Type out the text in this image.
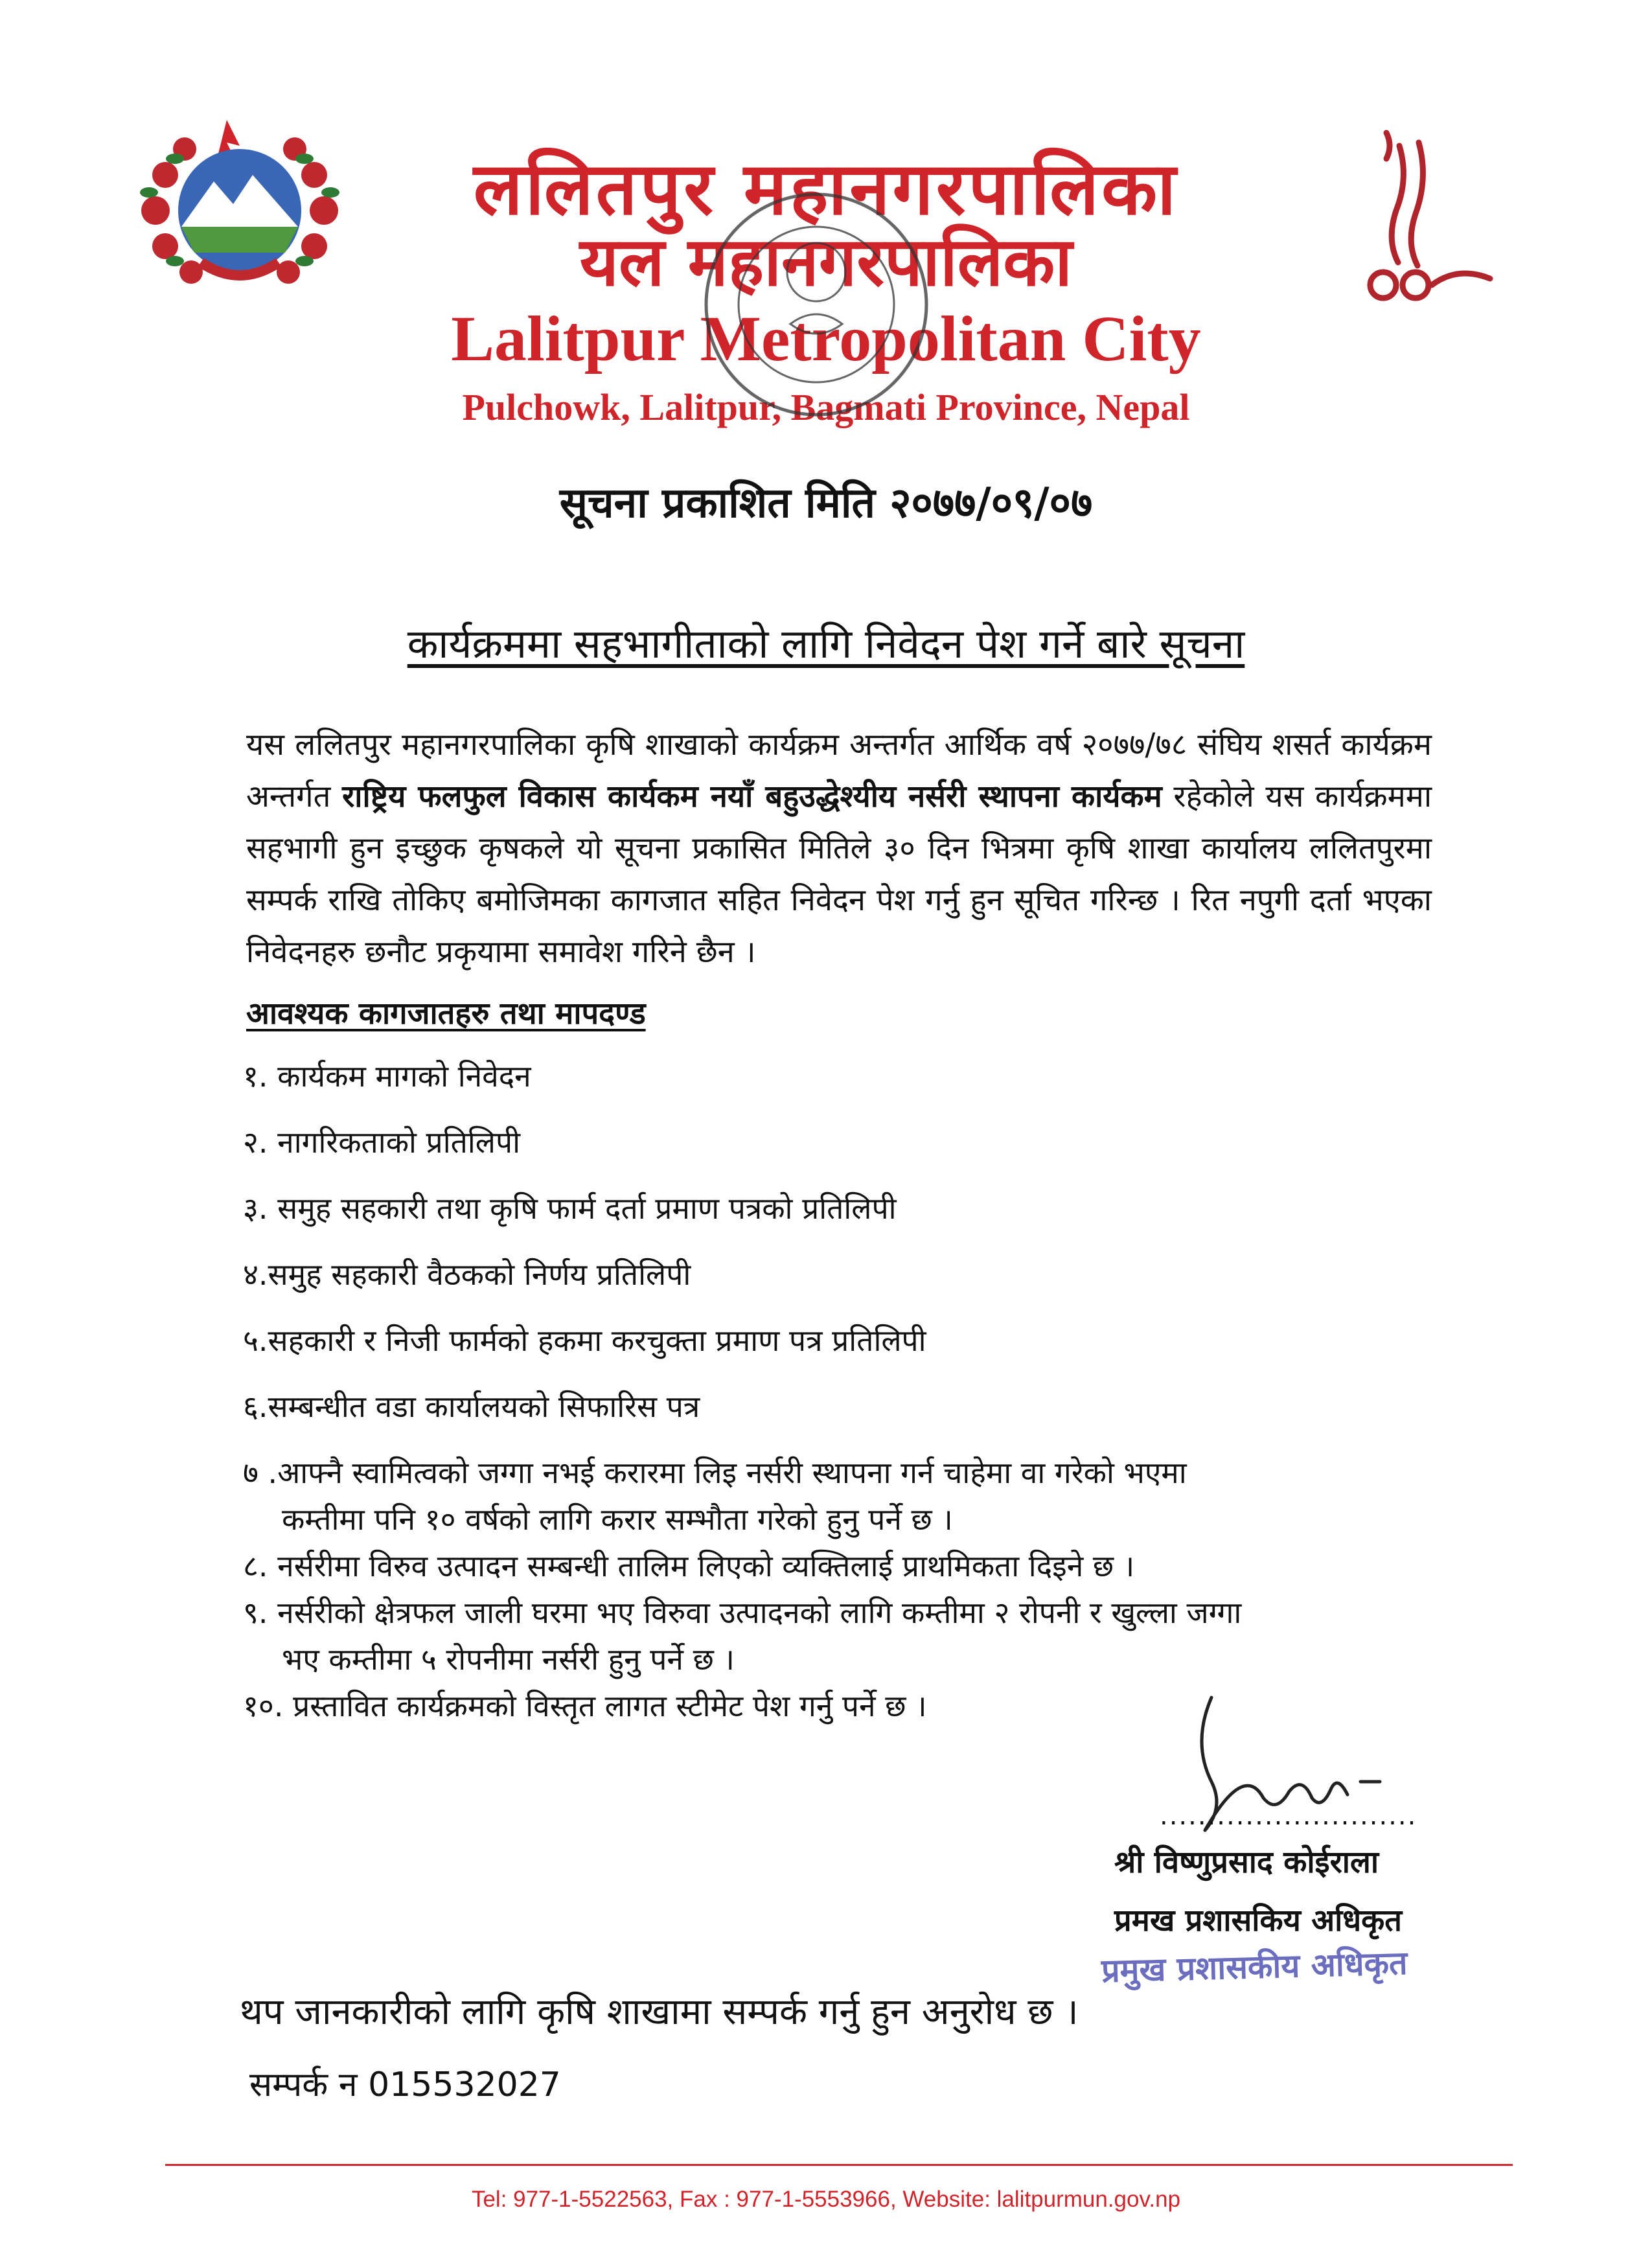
ललितपुर महानगरपालिका
यल महानगरपालिका
Lalitpur Metropolitan City
Pulchowk, Lalitpur, Bagmati Province, Nepal
सूचना प्रकाशित मिति २०७७/०९/०७
कार्यक्रममा सहभागीताको लागि निवेदन पेश गर्ने बारे सूचना
यस ललितपुर महानगरपालिका कृषि शाखाको कार्यक्रम अन्तर्गत आर्थिक वर्ष २०७७/७८ संघिय शसर्त कार्यक्रम अन्तर्गत राष्ट्रिय फलफुल विकास कार्यकम नयाँ बहुउद्धेश्यीय नर्सरी स्थापना कार्यकम रहेकोले यस कार्यक्रममा सहभागी हुन इच्छुक कृषकले यो सूचना प्रकासित मितिले ३० दिन भित्रमा कृषि शाखा कार्यालय ललितपुरमा सम्पर्क राखि तोकिए बमोजिमका कागजात सहित निवेदन पेश गर्नु हुन सूचित गरिन्छ । रित नपुगी दर्ता भएका निवेदनहरु छनौट प्रकृयामा समावेश गरिने छैन ।
आवश्यक कागजातहरु तथा मापदण्ड
१. कार्यकम मागको निवेदन
२. नागरिकताको प्रतिलिपी
३. समुह सहकारी तथा कृषि फार्म दर्ता प्रमाण पत्रको प्रतिलिपी
४.समुह सहकारी वैठकको निर्णय प्रतिलिपी
५.सहकारी र निजी फार्मको हकमा करचुक्ता प्रमाण पत्र प्रतिलिपी
६.सम्बन्धीत वडा कार्यालयको सिफारिस पत्र
७ .आफ्नै स्वामित्वको जग्गा नभई करारमा लिइ नर्सरी स्थापना गर्न चाहेमा वा गरेको भएमा
कम्तीमा पनि १० वर्षको लागि करार सम्भौता गरेको हुनु पर्ने छ ।
८. नर्सरीमा विरुव उत्पादन सम्बन्धी तालिम लिएको व्यक्तिलाई प्राथमिकता दिइने छ ।
९. नर्सरीको क्षेत्रफल जाली घरमा भए विरुवा उत्पादनको लागि कम्तीमा २ रोपनी र खुल्ला जग्गा
भए कम्तीमा ५ रोपनीमा नर्सरी हुनु पर्ने छ ।
१०. प्रस्तावित कार्यक्रमको विस्तृत लागत स्टीमेट पेश गर्नु पर्ने छ ।
...........................
श्री विष्णुप्रसाद कोईराला
प्रमख प्रशासकिय अधिकृत
प्रमुख प्रशासकीय अधिकृत
थप जानकारीको लागि कृषि शाखामा सम्पर्क गर्नु हुन अनुरोध छ ।
सम्पर्क न 015532027
Tel: 977-1-5522563, Fax : 977-1-5553966, Website: lalitpurmun.gov.np
